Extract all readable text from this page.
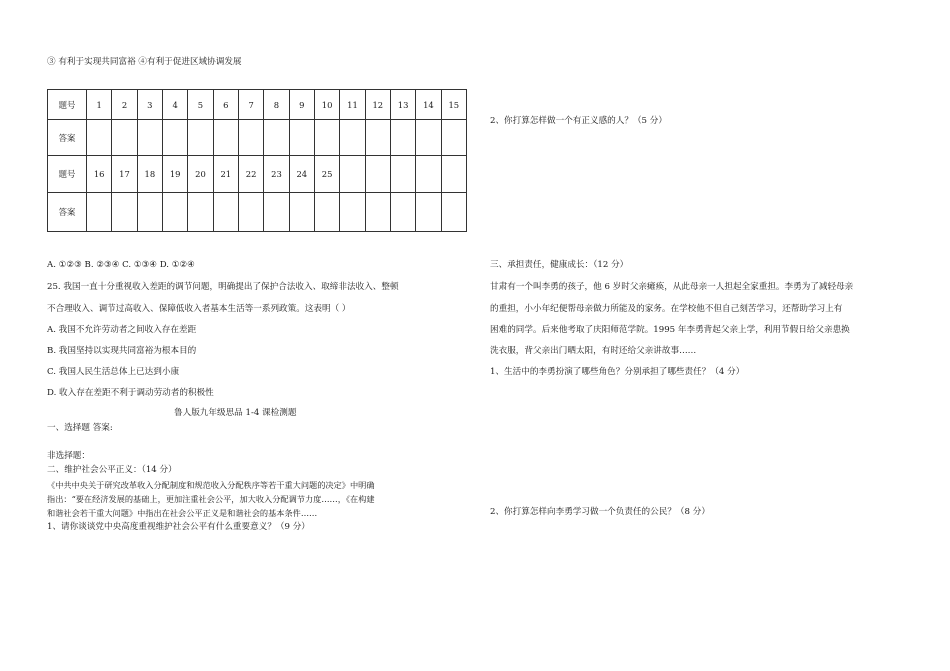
③ 有利于实现共同富裕 ④有利于促进区域协调发展
题号	1	2	3	4	5	6	7	8	9	10	11	12	13	14	15
答案															
题号	16	17	18	19	20	21	22	23	24	25					
答案															
A. ①②③ B. ②③④ C. ①③④ D. ①②④
25. 我国一直十分重视收入差距的调节问题，明确提出了保护合法收入、取缔非法收入、整顿
不合理收入、调节过高收入、保障低收入者基本生活等一系列政策。这表明（ ）
A. 我国不允许劳动者之间收入存在差距
B. 我国坚持以实现共同富裕为根本目的
C. 我国人民生活总体上已达到小康
D. 收入存在差距不利于调动劳动者的积极性
鲁人版九年级思品 1-4 课检测题
一、选择题 答案:
非选择题：
二、维护社会公平正义：（14 分）
《中共中央关于研究改革收入分配制度和规范收入分配秩序等若干重大问题的决定》中明确
指出：“要在经济发展的基础上，更加注重社会公平，加大收入分配调节力度……，《在构建
和谐社会若干重大问题》中指出在社会公平正义是和谐社会的基本条件……
1、请你谈谈党中央高度重视维护社会公平有什么重要意义？（9 分）
2、你打算怎样做一个有正义感的人？（5 分）
三、承担责任，健康成长：（12 分）
甘肃有一个叫李勇的孩子，他 6 岁时父亲瘫痪，从此母亲一人担起全家重担。李勇为了减轻母亲
的重担，小小年纪便帮母亲做力所能及的家务。在学校他不但自己刻苦学习，还帮助学习上有
困难的同学。后来他考取了庆阳师范学院。1995 年李勇背起父亲上学，利用节假日给父亲患换
洗衣服，背父亲出门晒太阳，有时还给父亲讲故事……
1、生活中的李勇扮演了哪些角色？分别承担了哪些责任？（4 分）
2、你打算怎样向李勇学习做一个负责任的公民？（8 分）
